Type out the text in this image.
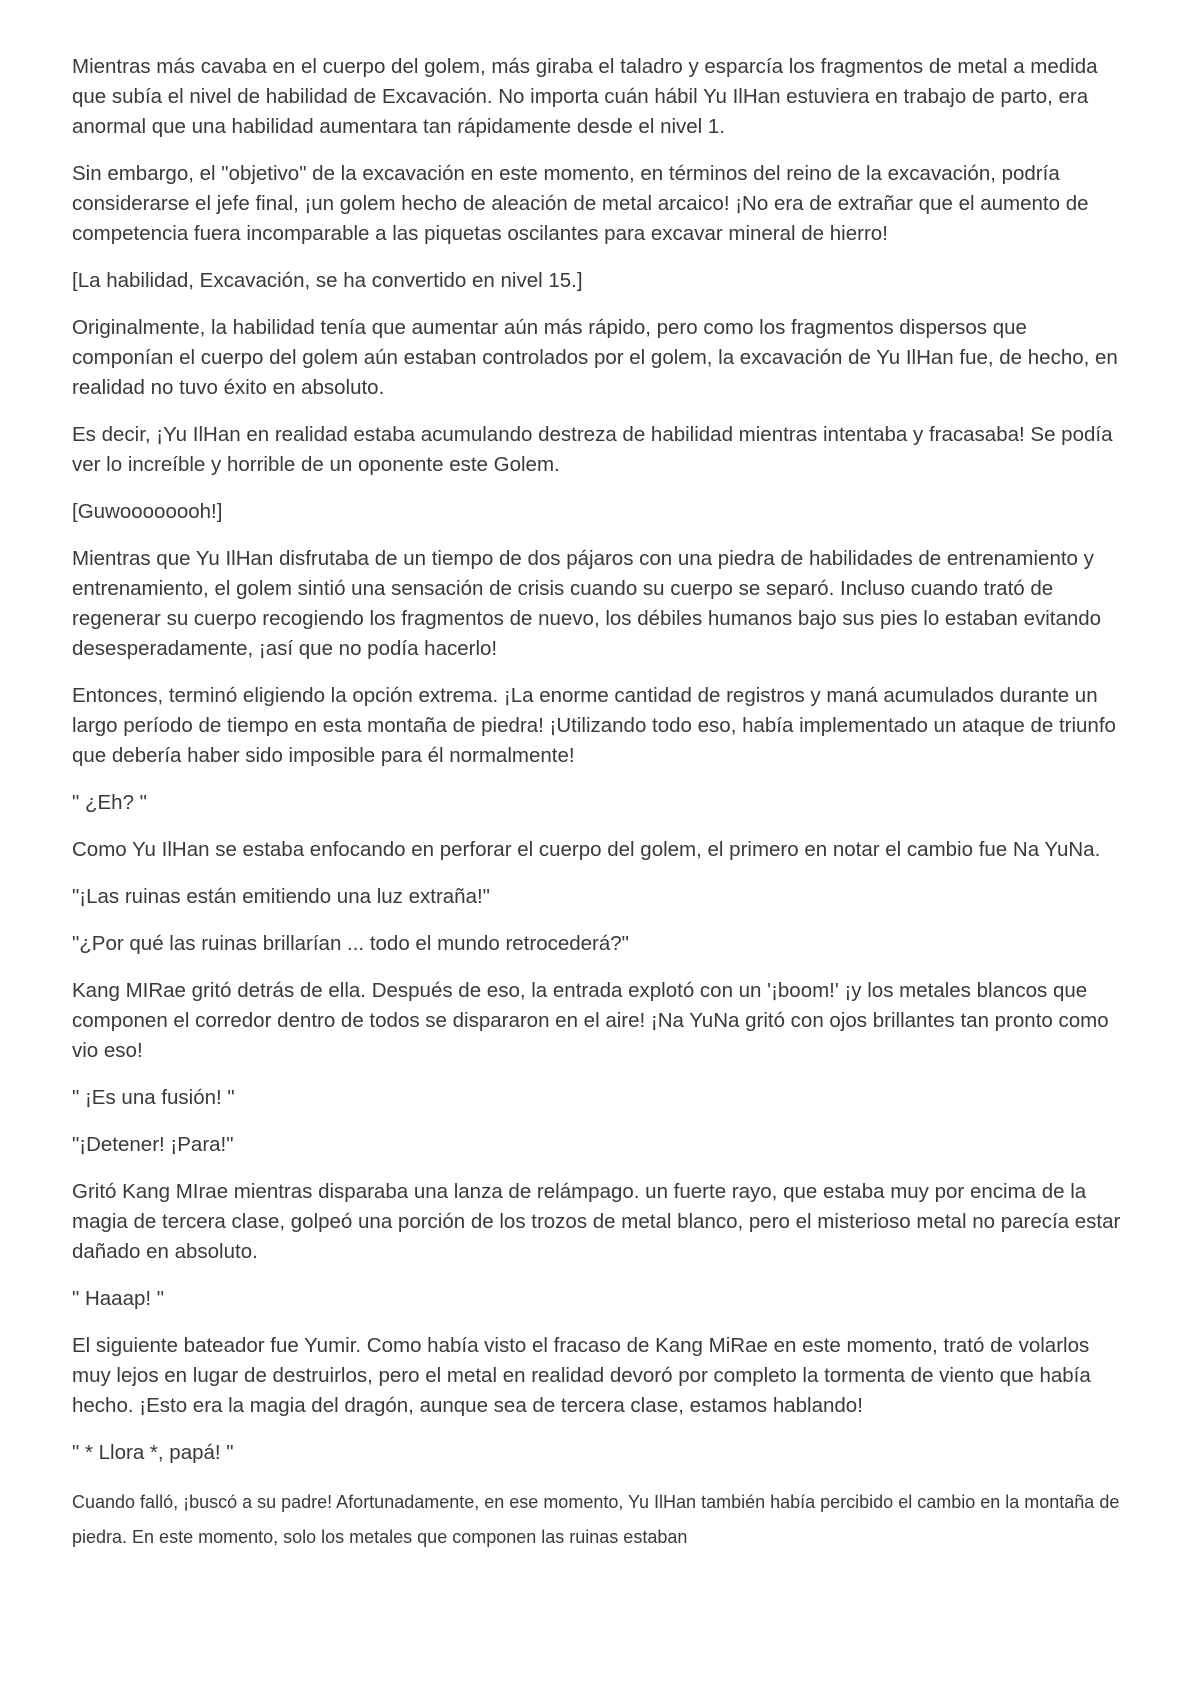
Mientras más cavaba en el cuerpo del golem, más giraba el taladro y esparcía los fragmentos de metal a medida que subía el nivel de habilidad de Excavación. No importa cuán hábil Yu IlHan estuviera en trabajo de parto, era anormal que una habilidad aumentara tan rápidamente desde el nivel 1.

Sin embargo, el "objetivo" de la excavación en este momento, en términos del reino de la excavación, podría considerarse el jefe final, ¡un golem hecho de aleación de metal arcaico! ¡No era de extrañar que el aumento de competencia fuera incomparable a las piquetas oscilantes para excavar mineral de hierro!

[La habilidad, Excavación, se ha convertido en nivel 15.]

Originalmente, la habilidad tenía que aumentar aún más rápido, pero como los fragmentos dispersos que componían el cuerpo del golem aún estaban controlados por el golem, la excavación de Yu IlHan fue, de hecho, en realidad no tuvo éxito en absoluto.

Es decir, ¡Yu IlHan en realidad estaba acumulando destreza de habilidad mientras intentaba y fracasaba! Se podía ver lo increíble y horrible de un oponente este Golem.

[Guwoooooooh!]

Mientras que Yu IlHan disfrutaba de un tiempo de dos pájaros con una piedra de habilidades de entrenamiento y entrenamiento, el golem sintió una sensación de crisis cuando su cuerpo se separó. Incluso cuando trató de regenerar su cuerpo recogiendo los fragmentos de nuevo, los débiles humanos bajo sus pies lo estaban evitando desesperadamente, ¡así que no podía hacerlo!

Entonces, terminó eligiendo la opción extrema. ¡La enorme cantidad de registros y maná acumulados durante un largo período de tiempo en esta montaña de piedra! ¡Utilizando todo eso, había implementado un ataque de triunfo que debería haber sido imposible para él normalmente!

" ¿Eh? "

Como Yu IlHan se estaba enfocando en perforar el cuerpo del golem, el primero en notar el cambio fue Na YuNa.

"¡Las ruinas están emitiendo una luz extraña!"

"¿Por qué las ruinas brillarían ... todo el mundo retrocederá?"

Kang MIRae gritó detrás de ella. Después de eso, la entrada explotó con un '¡boom!' ¡y los metales blancos que componen el corredor dentro de todos se dispararon en el aire! ¡Na YuNa gritó con ojos brillantes tan pronto como vio eso!

" ¡Es una fusión! "

"¡Detener! ¡Para!"

Gritó Kang MIrae mientras disparaba una lanza de relámpago. un fuerte rayo, que estaba muy por encima de la magia de tercera clase, golpeó una porción de los trozos de metal blanco, pero el misterioso metal no parecía estar dañado en absoluto.

" Haaap! "

El siguiente bateador fue Yumir. Como había visto el fracaso de Kang MiRae en este momento, trató de volarlos muy lejos en lugar de destruirlos, pero el metal en realidad devoró por completo la tormenta de viento que había hecho. ¡Esto era la magia del dragón, aunque sea de tercera clase, estamos hablando!

" * Llora *, papá! "

Cuando falló, ¡buscó a su padre! Afortunadamente, en ese momento, Yu IlHan también había percibido el cambio en la montaña de piedra. En este momento, solo los metales que componen las ruinas estaban
